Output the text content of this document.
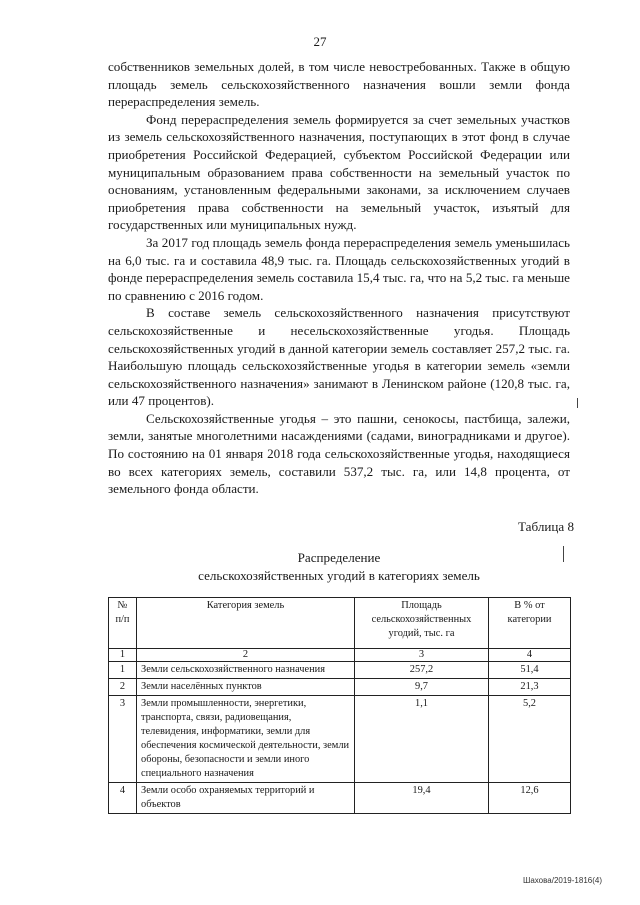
27

собственников земельных долей, в том числе невостребованных. Также в общую площадь земель сельскохозяйственного назначения вошли земли фонда перераспределения земель.

Фонд перераспределения земель формируется за счет земельных участков из земель сельскохозяйственного назначения, поступающих в этот фонд в случае приобретения Российской Федерацией, субъектом Российской Федерации или муниципальным образованием права собственности на земельный участок по основаниям, установленным федеральными законами, за исключением случаев приобретения права собственности на земельный участок, изъятый для государственных или муниципальных нужд.

За 2017 год площадь земель фонда перераспределения земель уменьшилась на 6,0 тыс. га и составила 48,9 тыс. га. Площадь сельскохозяйственных угодий в фонде перераспределения земель составила 15,4 тыс. га, что на 5,2 тыс. га меньше по сравнению с 2016 годом.

В составе земель сельскохозяйственного назначения присутствуют сельскохозяйственные и несельскохозяйственные угодья. Площадь сельскохозяйственных угодий в данной категории земель составляет 257,2 тыс. га. Наибольшую площадь сельскохозяйственные угодья в категории земель «земли сельскохозяйственного назначения» занимают в Ленинском районе (120,8 тыс. га, или 47 процентов).

Сельскохозяйственные угодья – это пашни, сенокосы, пастбища, залежи, земли, занятые многолетними насаждениями (садами, виноградниками и другое). По состоянию на 01 января 2018 года сельскохозяйственные угодья, находящиеся во всех категориях земель, составили 537,2 тыс. га, или 14,8 процента, от земельного фонда области.

Таблица 8
Распределение
сельскохозяйственных угодий в категориях земель
№ п/п	Категория земель	Площадь сельскохозяйственных угодий, тыс. га	В % от категории
1	2	3	4
1	Земли сельскохозяйственного назначения	257,2	51,4
2	Земли населённых пунктов	9,7	21,3
3	Земли промышленности, энергетики, транспорта, связи, радиовещания, телевидения, информатики, земли для обеспечения космической деятельности, земли обороны, безопасности и земли иного специального назначения	1,1	5,2
4	Земли особо охраняемых территорий и объектов	19,4	12,6
Шахова/2019-1816(4)
